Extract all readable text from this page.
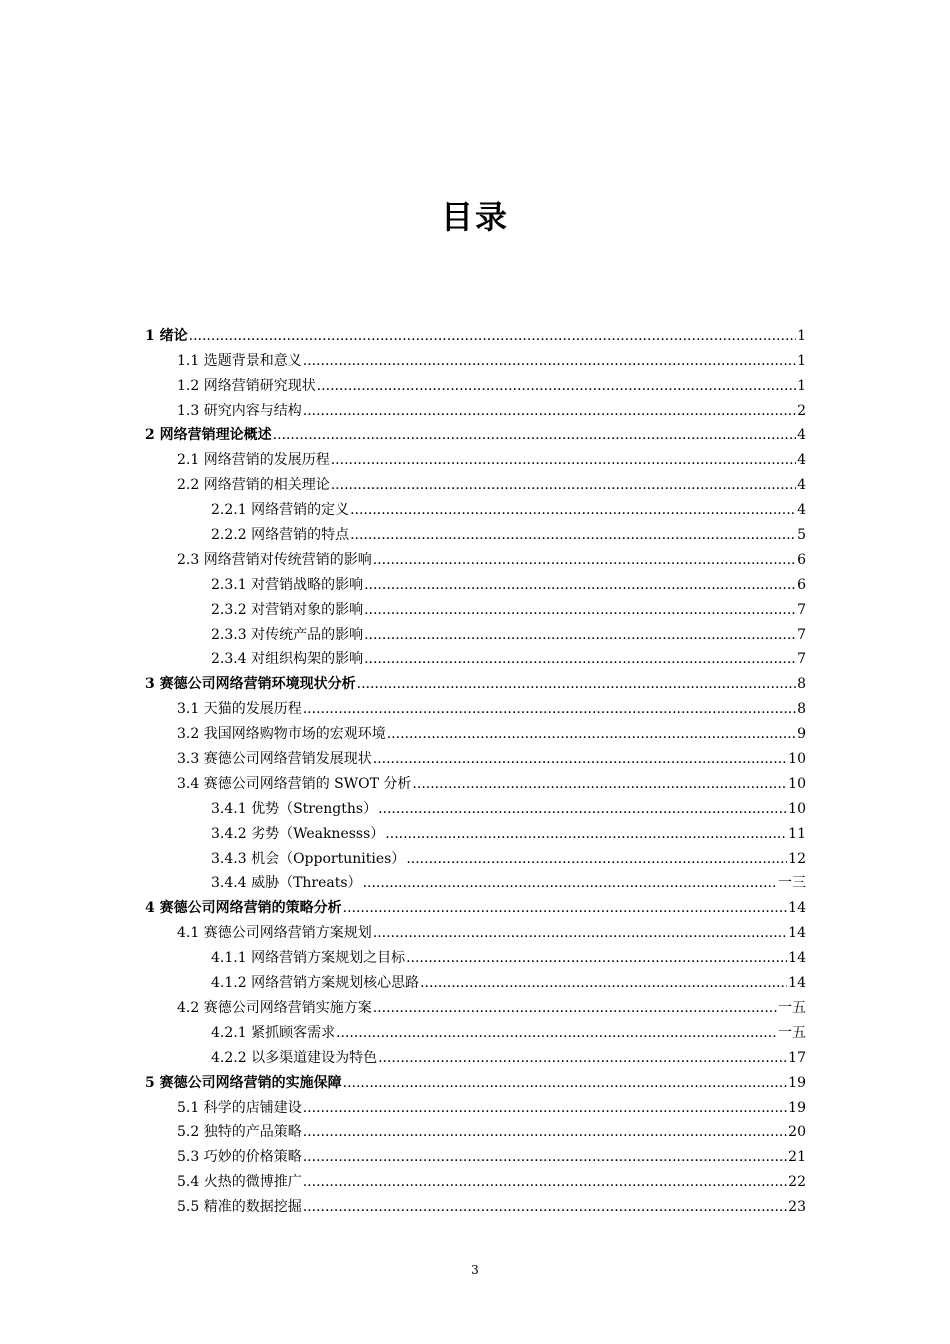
目录
1 绪论 .....	1
1.1 选题背景和意义 .....	1
1.2 网络营销研究现状 .....	1
1.3 研究内容与结构 .....	2
2 网络营销理论概述 .....	4
2.1 网络营销的发展历程 .....	4
2.2 网络营销的相关理论 .....	4
2.2.1 网络营销的定义 .....	4
2.2.2 网络营销的特点 .....	5
2.3 网络营销对传统营销的影响 .....	6
2.3.1 对营销战略的影响 .....	6
2.3.2 对营销对象的影响 .....	7
2.3.3 对传统产品的影响 .....	7
2.3.4 对组织构架的影响 .....	7
3 赛德公司网络营销环境现状分析 .....	8
3.1 天猫的发展历程 .....	8
3.2 我国网络购物市场的宏观环境 .....	9
3.3 赛德公司网络营销发展现状 .....	10
3.4 赛德公司网络营销的 SWOT 分析 .....	10
3.4.1 优势（Strengths） .....	10
3.4.2 劣势（Weaknesss） .....	11
3.4.3 机会（Opportunities） .....	12
3.4.4 威胁（Threats） .....	一三
4 赛德公司网络营销的策略分析 .....	14
4.1 赛德公司网络营销方案规划 .....	14
4.1.1 网络营销方案规划之目标 .....	14
4.1.2 网络营销方案规划核心思路 .....	14
4.2 赛德公司网络营销实施方案 .....	一五
4.2.1 紧抓顾客需求 .....	一五
4.2.2 以多渠道建设为特色 .....	17
5 赛德公司网络营销的实施保障 .....	19
5.1 科学的店铺建设 .....	19
5.2 独特的产品策略 .....	20
5.3 巧妙的价格策略 .....	21
5.4 火热的微博推广 .....	22
5.5 精准的数据挖掘 .....	23
3
